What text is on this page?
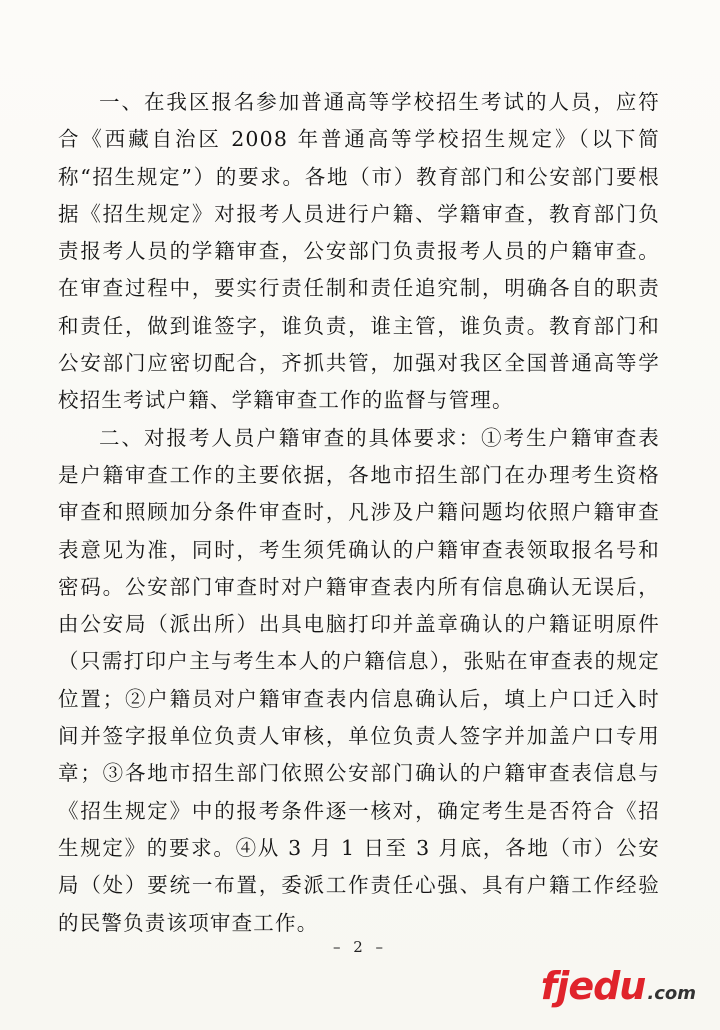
一、在我区报名参加普通高等学校招生考试的人员，应符合《西藏自治区 2008 年普通高等学校招生规定》（以下简称“招生规定”）的要求。各地（市）教育部门和公安部门要根据《招生规定》对报考人员进行户籍、学籍审查，教育部门负责报考人员的学籍审查，公安部门负责报考人员的户籍审查。在审查过程中，要实行责任制和责任追究制，明确各自的职责和责任，做到谁签字，谁负责，谁主管，谁负责。教育部门和公安部门应密切配合，齐抓共管，加强对我区全国普通高等学校招生考试户籍、学籍审查工作的监督与管理。

二、对报考人员户籍审查的具体要求：①考生户籍审查表是户籍审查工作的主要依据，各地市招生部门在办理考生资格审查和照顾加分条件审查时，凡涉及户籍问题均依照户籍审查表意见为准，同时，考生须凭确认的户籍审查表领取报名号和密码。公安部门审查时对户籍审查表内所有信息确认无误后，由公安局（派出所）出具电脑打印并盖章确认的户籍证明原件（只需打印户主与考生本人的户籍信息），张贴在审查表的规定位置；②户籍员对户籍审查表内信息确认后，填上户口迁入时间并签字报单位负责人审核，单位负责人签字并加盖户口专用章；③各地市招生部门依照公安部门确认的户籍审查表信息与《招生规定》中的报考条件逐一核对，确定考生是否符合《招生规定》的要求。④从 3 月 1 日至 3 月底，各地（市）公安局（处）要统一布置，委派工作责任心强、具有户籍工作经验的民警负责该项审查工作。

– 2 –
fjedu .com
